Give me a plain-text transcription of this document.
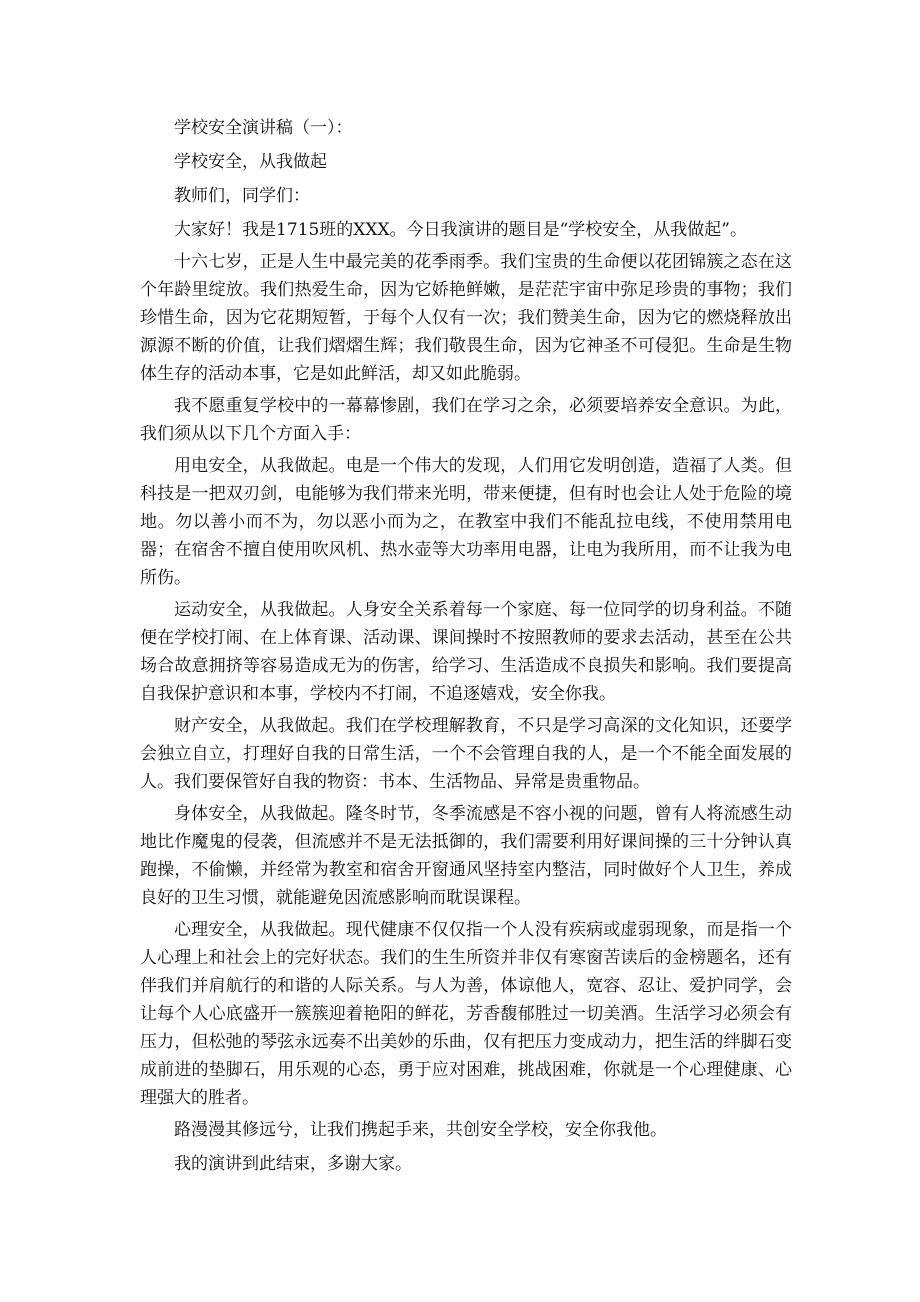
学校安全演讲稿（一）：

学校安全，从我做起

教师们，同学们：

大家好！我是1715班的XXX。今日我演讲的题目是“学校安全，从我做起”。

十六七岁，正是人生中最完美的花季雨季。我们宝贵的生命便以花团锦簇之态在这个年龄里绽放。我们热爱生命，因为它娇艳鲜嫩，是茫茫宇宙中弥足珍贵的事物；我们珍惜生命，因为它花期短暂，于每个人仅有一次；我们赞美生命，因为它的燃烧释放出源源不断的价值，让我们熠熠生辉；我们敬畏生命，因为它神圣不可侵犯。生命是生物体生存的活动本事，它是如此鲜活，却又如此脆弱。

我不愿重复学校中的一幕幕惨剧，我们在学习之余，必须要培养安全意识。为此，我们须从以下几个方面入手：

用电安全，从我做起。电是一个伟大的发现，人们用它发明创造，造福了人类。但科技是一把双刃剑，电能够为我们带来光明，带来便捷，但有时也会让人处于危险的境地。勿以善小而不为，勿以恶小而为之，在教室中我们不能乱拉电线，不使用禁用电器；在宿舍不擅自使用吹风机、热水壶等大功率用电器，让电为我所用，而不让我为电所伤。

运动安全，从我做起。人身安全关系着每一个家庭、每一位同学的切身利益。不随便在学校打闹、在上体育课、活动课、课间操时不按照教师的要求去活动，甚至在公共场合故意拥挤等容易造成无为的伤害，给学习、生活造成不良损失和影响。我们要提高自我保护意识和本事，学校内不打闹，不追逐嬉戏，安全你我。

财产安全，从我做起。我们在学校理解教育，不只是学习高深的文化知识，还要学会独立自立，打理好自我的日常生活，一个不会管理自我的人，是一个不能全面发展的人。我们要保管好自我的物资：书本、生活物品、异常是贵重物品。

身体安全，从我做起。隆冬时节，冬季流感是不容小视的问题，曾有人将流感生动地比作魔鬼的侵袭，但流感并不是无法抵御的，我们需要利用好课间操的三十分钟认真跑操，不偷懒，并经常为教室和宿舍开窗通风坚持室内整洁，同时做好个人卫生，养成良好的卫生习惯，就能避免因流感影响而耽误课程。

心理安全，从我做起。现代健康不仅仅指一个人没有疾病或虚弱现象，而是指一个人心理上和社会上的完好状态。我们的生生所资并非仅有寒窗苦读后的金榜题名，还有伴我们并肩航行的和谐的人际关系。与人为善，体谅他人，宽容、忍让、爱护同学，会让每个人心底盛开一簇簇迎着艳阳的鲜花，芳香馥郁胜过一切美酒。生活学习必须会有压力，但松弛的琴弦永远奏不出美妙的乐曲，仅有把压力变成动力，把生活的绊脚石变成前进的垫脚石，用乐观的心态，勇于应对困难，挑战困难，你就是一个心理健康、心理强大的胜者。

路漫漫其修远兮，让我们携起手来，共创安全学校，安全你我他。

我的演讲到此结束，多谢大家。
